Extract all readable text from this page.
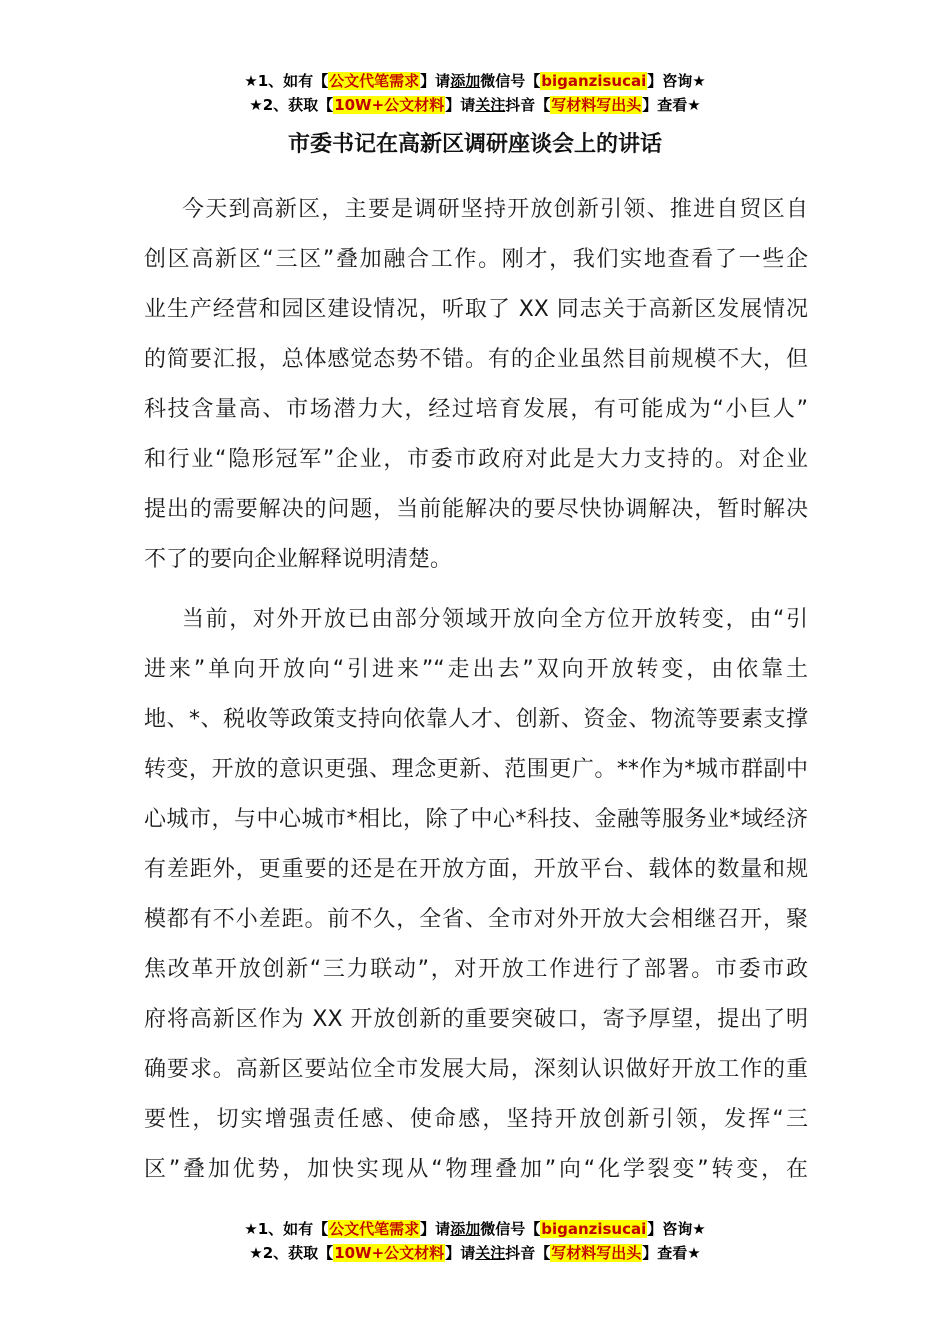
★1、如有【公文代笔需求】请添加微信号【biganzisucai】咨询★
★2、获取【10W+公文材料】请关注抖音【写材料写出头】查看★
市委书记在高新区调研座谈会上的讲话
今天到高新区，主要是调研坚持开放创新引领、推进自贸区自
创区高新区“三区”叠加融合工作。刚才，我们实地查看了一些企
业生产经营和园区建设情况，听取了 XX 同志关于高新区发展情况
的简要汇报，总体感觉态势不错。有的企业虽然目前规模不大，但
科技含量高、市场潜力大，经过培育发展，有可能成为“小巨人”
和行业“隐形冠军”企业，市委市政府对此是大力支持的。对企业
提出的需要解决的问题，当前能解决的要尽快协调解决，暂时解决
不了的要向企业解释说明清楚。
当前，对外开放已由部分领域开放向全方位开放转变，由“引
进来”单向开放向“引进来”“走出去”双向开放转变，由依靠土
地、*、税收等政策支持向依靠人才、创新、资金、物流等要素支撑
转变，开放的意识更强、理念更新、范围更广。**作为*城市群副中
心城市，与中心城市*相比，除了中心*科技、金融等服务业*域经济
有差距外，更重要的还是在开放方面，开放平台、载体的数量和规
模都有不小差距。前不久，全省、全市对外开放大会相继召开，聚
焦改革开放创新“三力联动”，对开放工作进行了部署。市委市政
府将高新区作为 XX 开放创新的重要突破口，寄予厚望，提出了明
确要求。高新区要站位全市发展大局，深刻认识做好开放工作的重
要性，切实增强责任感、使命感，坚持开放创新引领，发挥“三
区”叠加优势，加快实现从“物理叠加”向“化学裂变”转变，在
★1、如有【公文代笔需求】请添加微信号【biganzisucai】咨询★
★2、获取【10W+公文材料】请关注抖音【写材料写出头】查看★
